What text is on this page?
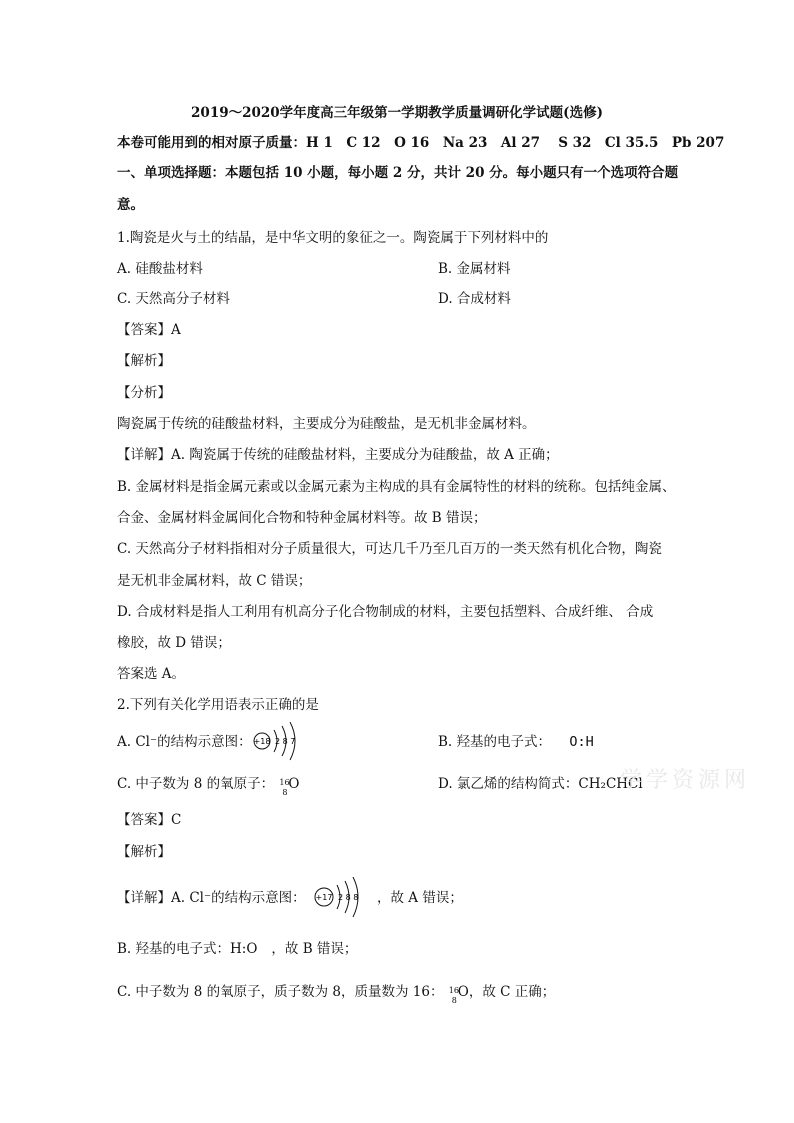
2019～2020学年度高三年级第一学期教学质量调研化学试题(选修)
本卷可能用到的相对原子质量：H 1　C 12　O 16　Na 23　Al 27　 S 32　Cl 35.5　Pb 207
一、单项选择题：本题包括 10 小题，每小题 2 分，共计 20 分。每小题只有一个选项符合题
意。
1.陶瓷是火与土的结晶，是中华文明的象征之一。陶瓷属于下列材料中的
A. 硅酸盐材料	B. 金属材料
C. 天然高分子材料	D. 合成材料
【答案】A
【解析】
【分析】
陶瓷属于传统的硅酸盐材料，主要成分为硅酸盐，是无机非金属材料。
【详解】A. 陶瓷属于传统的硅酸盐材料，主要成分为硅酸盐，故 A 正确；
B. 金属材料是指金属元素或以金属元素为主构成的具有金属特性的材料的统称。包括纯金属、
合金、金属材料金属间化合物和特种金属材料等。故 B 错误；
C. 天然高分子材料指相对分子质量很大，可达几千乃至几百万的一类天然有机化合物，陶瓷
是无机非金属材料，故 C 错误；
D. 合成材料是指人工利用有机高分子化合物制成的材料，主要包括塑料、合成纤维、 合成
橡胶，故 D 错误；
答案选 A。
2.下列有关化学用语表示正确的是
A. Cl⁻的结构示意图： +18 2 8 7	B. 羟基的电子式： O:H
C. 中子数为 8 的氧原子： 16
8 O	D. 氯乙烯的结构简式：CH₂CHCl
【答案】C
【解析】
【详解】A. Cl⁻的结构示意图： +17 2 8 8 ，故 A 错误；
B. 羟基的电子式：H:O ，故 B 错误；
C. 中子数为 8 的氧原子，质子数为 8，质量数为 16： 16
8 O，故 C 正确；
学学资源网
